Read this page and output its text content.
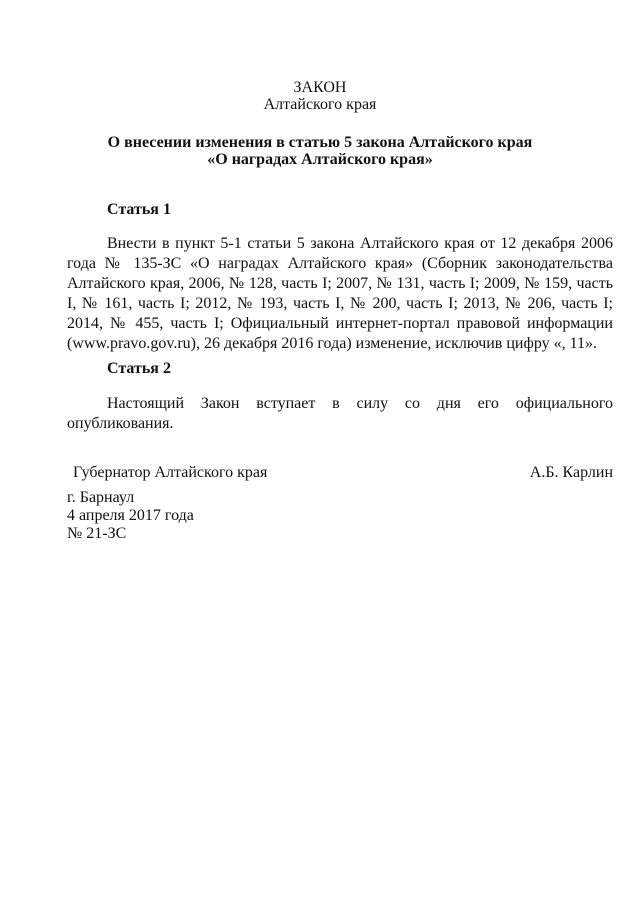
ЗАКОН
Алтайского края
О внесении изменения в статью 5 закона Алтайского края
«О наградах Алтайского края»
Статья 1

Внести в пункт 5-1 статьи 5 закона Алтайского края от 12 декабря 2006 года № 135-ЗС «О наградах Алтайского края» (Сборник законодательства Алтайского края, 2006, № 128, часть I; 2007, № 131, часть I; 2009, № 159, часть I, № 161, часть I; 2012, № 193, часть I, № 200, часть I; 2013, № 206, часть I; 2014, № 455, часть I; Официальный интернет-портал правовой информации (www.pravo.gov.ru), 26 декабря 2016 года) изменение, исключив цифру «, 11».

Статья 2

Настоящий Закон вступает в силу со дня его официального опубликования.

Губернатор Алтайского края	А.Б. Карлин
г. Барнаул
4 апреля 2017 года
№ 21-ЗС
